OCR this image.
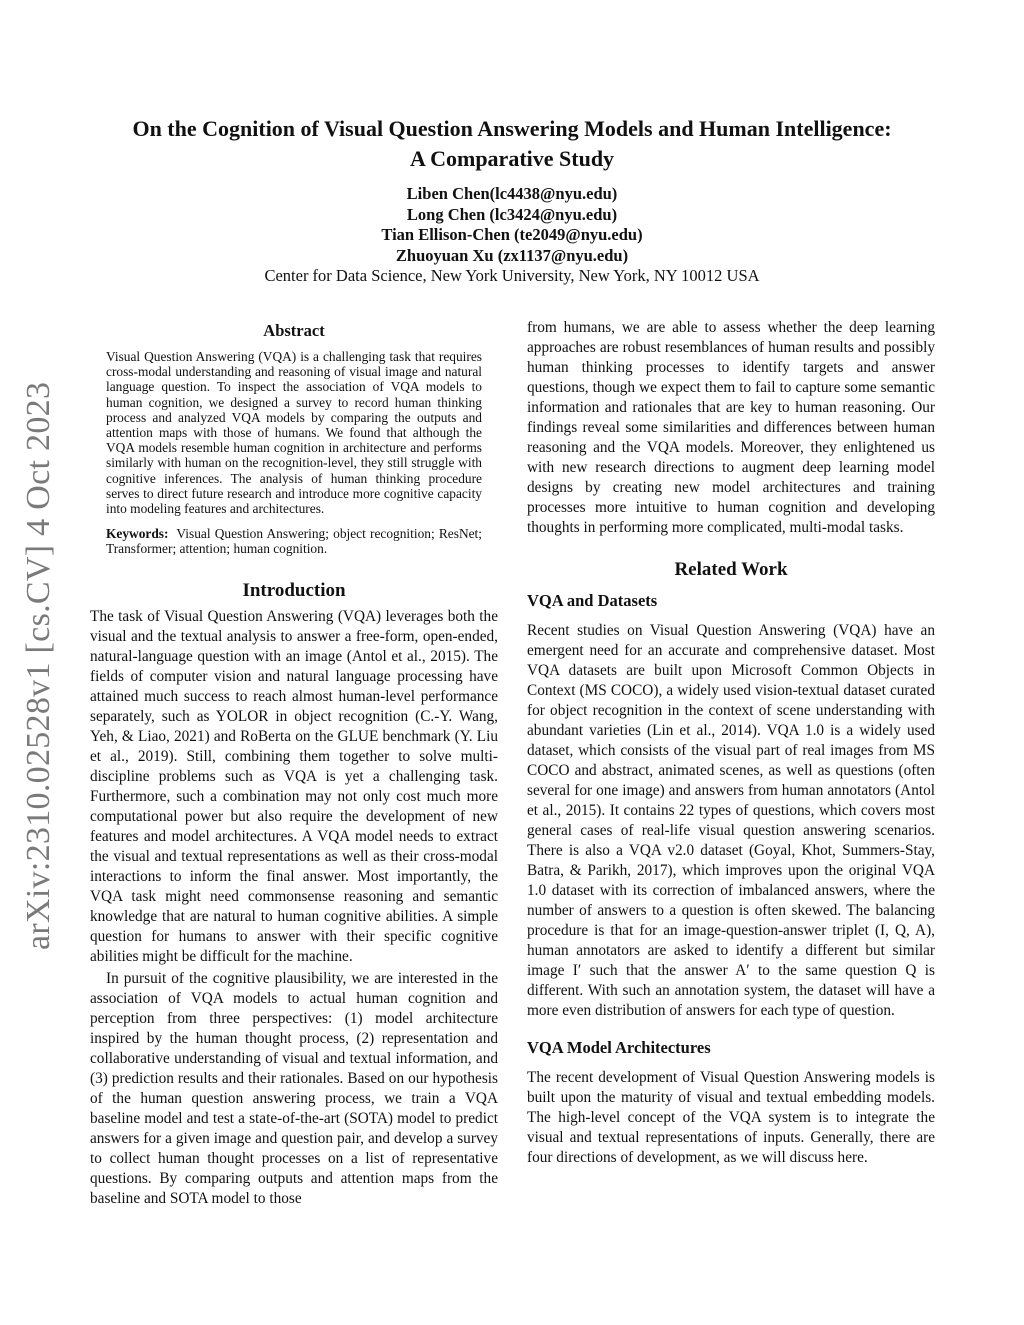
arXiv:2310.02528v1 [cs.CV] 4 Oct 2023
On the Cognition of Visual Question Answering Models and Human Intelligence:
A Comparative Study
Liben Chen(lc4438@nyu.edu)
Long Chen (lc3424@nyu.edu)
Tian Ellison-Chen (te2049@nyu.edu)
Zhuoyuan Xu (zx1137@nyu.edu)
Center for Data Science, New York University, New York, NY 10012 USA
Abstract
Visual Question Answering (VQA) is a challenging task that requires cross-modal understanding and reasoning of visual image and natural language question. To inspect the association of VQA models to human cognition, we designed a survey to record human thinking process and analyzed VQA models by comparing the outputs and attention maps with those of humans. We found that although the VQA models resemble human cognition in architecture and performs similarly with human on the recognition-level, they still struggle with cognitive inferences. The analysis of human thinking procedure serves to direct future research and introduce more cognitive capacity into modeling features and architectures.
Keywords: Visual Question Answering; object recognition; ResNet; Transformer; attention; human cognition.
Introduction

The task of Visual Question Answering (VQA) leverages both the visual and the textual analysis to answer a free-form, open-ended, natural-language question with an image (Antol et al., 2015). The fields of computer vision and natural language processing have attained much success to reach almost human-level performance separately, such as YOLOR in object recognition (C.-Y. Wang, Yeh, & Liao, 2021) and RoBerta on the GLUE benchmark (Y. Liu et al., 2019). Still, combining them together to solve multi-discipline problems such as VQA is yet a challenging task. Furthermore, such a combination may not only cost much more computational power but also require the development of new features and model architectures. A VQA model needs to extract the visual and textual representations as well as their cross-modal interactions to inform the final answer. Most importantly, the VQA task might need commonsense reasoning and semantic knowledge that are natural to human cognitive abilities. A simple question for humans to answer with their specific cognitive abilities might be difficult for the machine.

In pursuit of the cognitive plausibility, we are interested in the association of VQA models to actual human cognition and perception from three perspectives: (1) model architecture inspired by the human thought process, (2) representation and collaborative understanding of visual and textual information, and (3) prediction results and their rationales. Based on our hypothesis of the human question answering process, we train a VQA baseline model and test a state-of-the-art (SOTA) model to predict answers for a given image and question pair, and develop a survey to collect human thought processes on a list of representative questions. By comparing outputs and attention maps from the baseline and SOTA model to those

from humans, we are able to assess whether the deep learning approaches are robust resemblances of human results and possibly human thinking processes to identify targets and answer questions, though we expect them to fail to capture some semantic information and rationales that are key to human reasoning. Our findings reveal some similarities and differences between human reasoning and the VQA models. Moreover, they enlightened us with new research directions to augment deep learning model designs by creating new model architectures and training processes more intuitive to human cognition and developing thoughts in performing more complicated, multi-modal tasks.

Related Work
VQA and Datasets

Recent studies on Visual Question Answering (VQA) have an emergent need for an accurate and comprehensive dataset. Most VQA datasets are built upon Microsoft Common Objects in Context (MS COCO), a widely used vision-textual dataset curated for object recognition in the context of scene understanding with abundant varieties (Lin et al., 2014). VQA 1.0 is a widely used dataset, which consists of the visual part of real images from MS COCO and abstract, animated scenes, as well as questions (often several for one image) and answers from human annotators (Antol et al., 2015). It contains 22 types of questions, which covers most general cases of real-life visual question answering scenarios. There is also a VQA v2.0 dataset (Goyal, Khot, Summers-Stay, Batra, & Parikh, 2017), which improves upon the original VQA 1.0 dataset with its correction of imbalanced answers, where the number of answers to a question is often skewed. The balancing procedure is that for an image-question-answer triplet (I, Q, A), human annotators are asked to identify a different but similar image I′ such that the answer A′ to the same question Q is different. With such an annotation system, the dataset will have a more even distribution of answers for each type of question.

VQA Model Architectures

The recent development of Visual Question Answering models is built upon the maturity of visual and textual embedding models. The high-level concept of the VQA system is to integrate the visual and textual representations of inputs. Generally, there are four directions of development, as we will discuss here.
